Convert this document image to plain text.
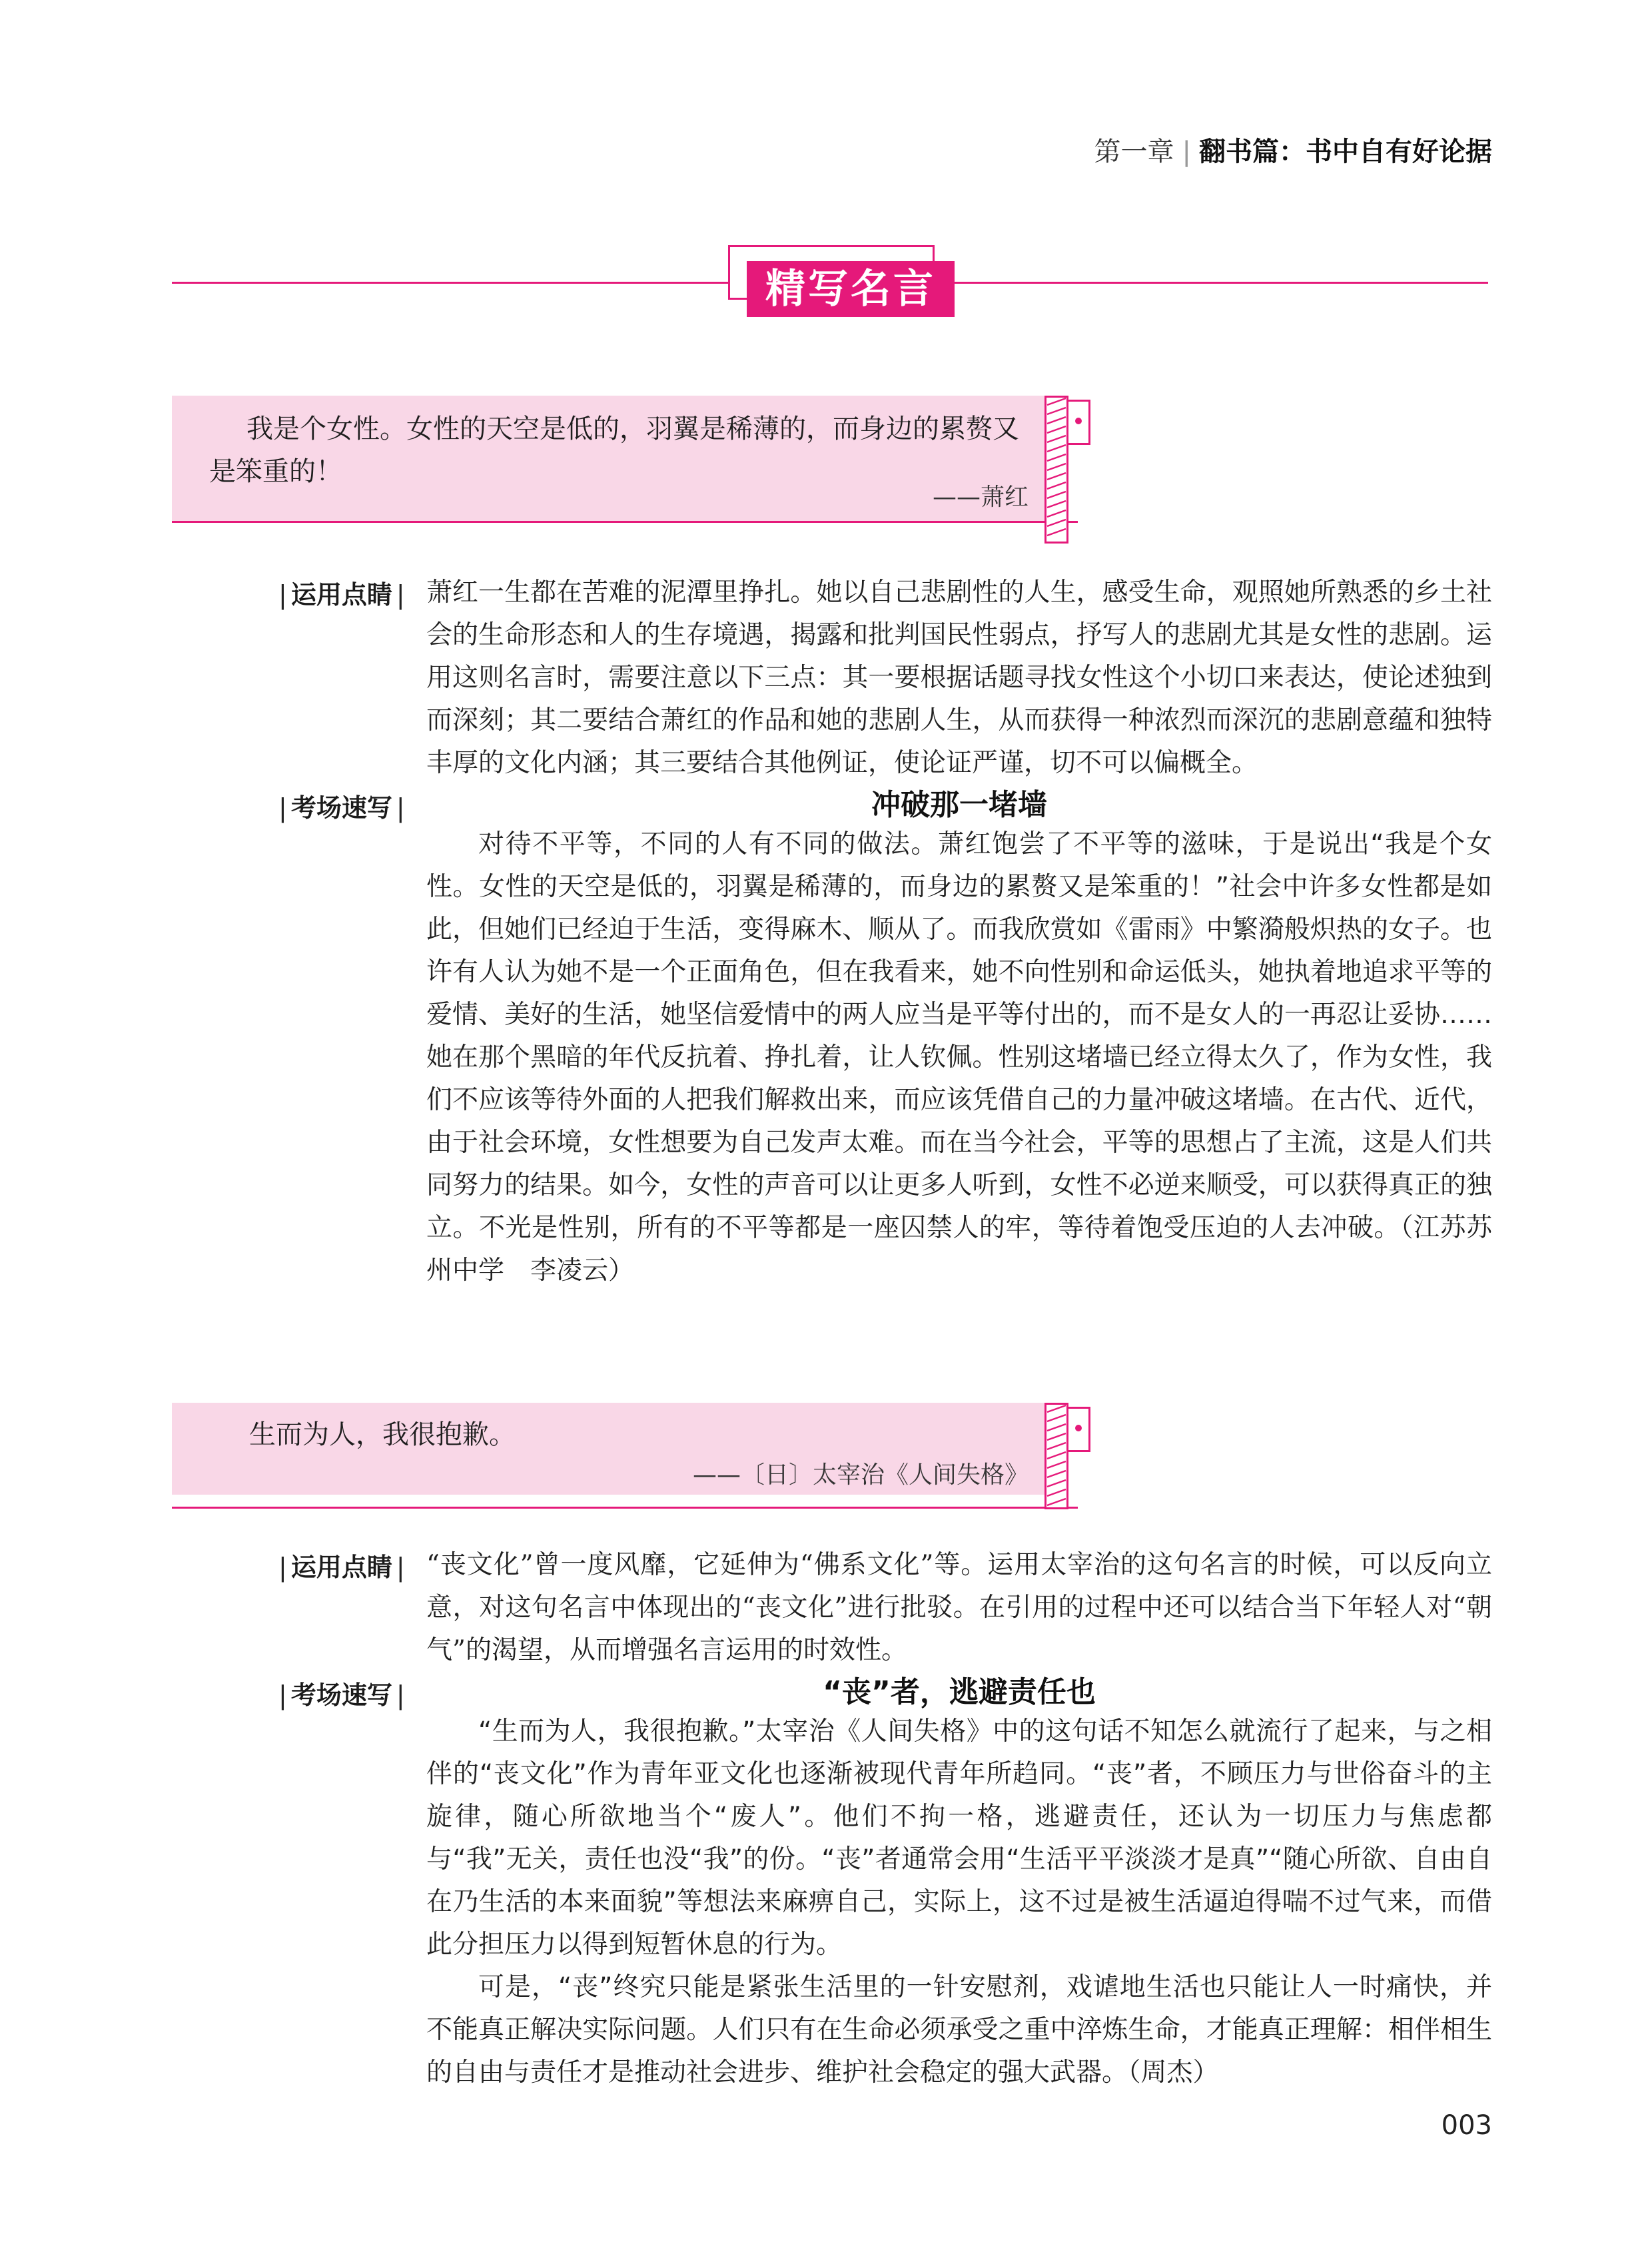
第一章 | 翻书篇：书中自有好论据
精写名言
我是个女性。女性的天空是低的，羽翼是稀薄的，而身边的累赘又是笨重的！
——萧红
| 运用点睛 | 萧红一生都在苦难的泥潭里挣扎。她以自己悲剧性的人生，感受生命，观照她所熟悉的乡土社会的生命形态和人的生存境遇，揭露和批判国民性弱点，抒写人的悲剧尤其是女性的悲剧。运用这则名言时，需要注意以下三点：其一要根据话题寻找女性这个小切口来表达，使论述独到而深刻；其二要结合萧红的作品和她的悲剧人生，从而获得一种浓烈而深沉的悲剧意蕴和独特丰厚的文化内涵；其三要结合其他例证，使论证严谨，切不可以偏概全。

| 考场速写 |	冲破那一堵墙

对待不平等，不同的人有不同的做法。萧红饱尝了不平等的滋味，于是说出“我是个女性。女性的天空是低的，羽翼是稀薄的，而身边的累赘又是笨重的！”社会中许多女性都是如此，但她们已经迫于生活，变得麻木、顺从了。而我欣赏如《雷雨》中繁漪般炽热的女子。也许有人认为她不是一个正面角色，但在我看来，她不向性别和命运低头，她执着地追求平等的爱情、美好的生活，她坚信爱情中的两人应当是平等付出的，而不是女人的一再忍让妥协……她在那个黑暗的年代反抗着、挣扎着，让人钦佩。性别这堵墙已经立得太久了，作为女性，我们不应该等待外面的人把我们解救出来，而应该凭借自己的力量冲破这堵墙。在古代、近代，由于社会环境，女性想要为自己发声太难。而在当今社会，平等的思想占了主流，这是人们共同努力的结果。如今，女性的声音可以让更多人听到，女性不必逆来顺受，可以获得真正的独立。不光是性别，所有的不平等都是一座囚禁人的牢，等待着饱受压迫的人去冲破。（江苏苏州中学　李凌云）

生而为人，我很抱歉。
——〔日〕太宰治《人间失格》
| 运用点睛 | “丧文化”曾一度风靡，它延伸为“佛系文化”等。运用太宰治的这句名言的时候，可以反向立意，对这句名言中体现出的“丧文化”进行批驳。在引用的过程中还可以结合当下年轻人对“朝气”的渴望，从而增强名言运用的时效性。

| 考场速写 |	“丧”者，逃避责任也

“生而为人，我很抱歉。”太宰治《人间失格》中的这句话不知怎么就流行了起来，与之相伴的“丧文化”作为青年亚文化也逐渐被现代青年所趋同。“丧”者，不顾压力与世俗奋斗的主旋律，随心所欲地当个“废人”。他们不拘一格，逃避责任，还认为一切压力与焦虑都与“我”无关，责任也没“我”的份。“丧”者通常会用“生活平平淡淡才是真”“随心所欲、自由自在乃生活的本来面貌”等想法来麻痹自己，实际上，这不过是被生活逼迫得喘不过气来，而借此分担压力以得到短暂休息的行为。

可是，“丧”终究只能是紧张生活里的一针安慰剂，戏谑地生活也只能让人一时痛快，并不能真正解决实际问题。人们只有在生命必须承受之重中淬炼生命，才能真正理解：相伴相生的自由与责任才是推动社会进步、维护社会稳定的强大武器。（周杰）

003
